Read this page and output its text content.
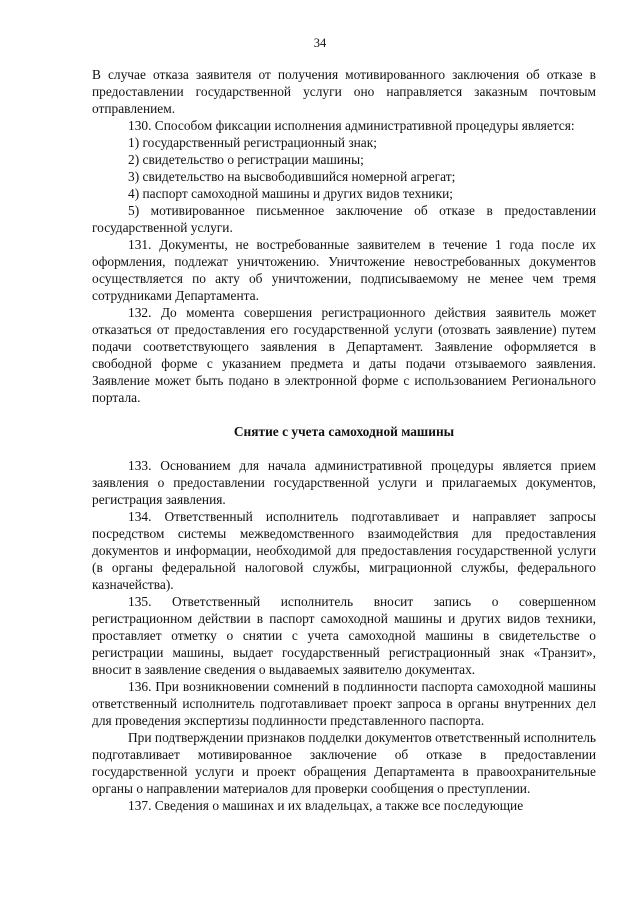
34

В случае отказа заявителя от получения мотивированного заключения об отказе в предоставлении государственной услуги оно направляется заказным почтовым отправлением.

130. Способом фиксации исполнения административной процедуры является:

1) государственный регистрационный знак;

2) свидетельство о регистрации машины;

3) свидетельство на высвободившийся номерной агрегат;

4) паспорт самоходной машины и других видов техники;

5) мотивированное письменное заключение об отказе в предоставлении государственной услуги.

131. Документы, не востребованные заявителем в течение 1 года после их оформления, подлежат уничтожению. Уничтожение невостребованных документов осуществляется по акту об уничтожении, подписываемому не менее чем тремя сотрудниками Департамента.

132. До момента совершения регистрационного действия заявитель может отказаться от предоставления его государственной услуги (отозвать заявление) путем подачи соответствующего заявления в Департамент. Заявление оформляется в свободной форме с указанием предмета и даты подачи отзываемого заявления. Заявление может быть подано в электронной форме с использованием Регионального портала.

Снятие с учета самоходной машины

133. Основанием для начала административной процедуры является прием заявления о предоставлении государственной услуги и прилагаемых документов, регистрация заявления.

134. Ответственный исполнитель подготавливает и направляет запросы посредством системы межведомственного взаимодействия для предоставления документов и информации, необходимой для предоставления государственной услуги (в органы федеральной налоговой службы, миграционной службы, федерального казначейства).

135. Ответственный исполнитель вносит запись о совершенном регистрационном действии в паспорт самоходной машины и других видов техники, проставляет отметку о снятии с учета самоходной машины в свидетельстве о регистрации машины, выдает государственный регистрационный знак «Транзит», вносит в заявление сведения о выдаваемых заявителю документах.

136. При возникновении сомнений в подлинности паспорта самоходной машины ответственный исполнитель подготавливает проект запроса в органы внутренних дел для проведения экспертизы подлинности представленного паспорта.

При подтверждении признаков подделки документов ответственный исполнитель подготавливает мотивированное заключение об отказе в предоставлении государственной услуги и проект обращения Департамента в правоохранительные органы о направлении материалов для проверки сообщения о преступлении.

137. Сведения о машинах и их владельцах, а также все последующие
